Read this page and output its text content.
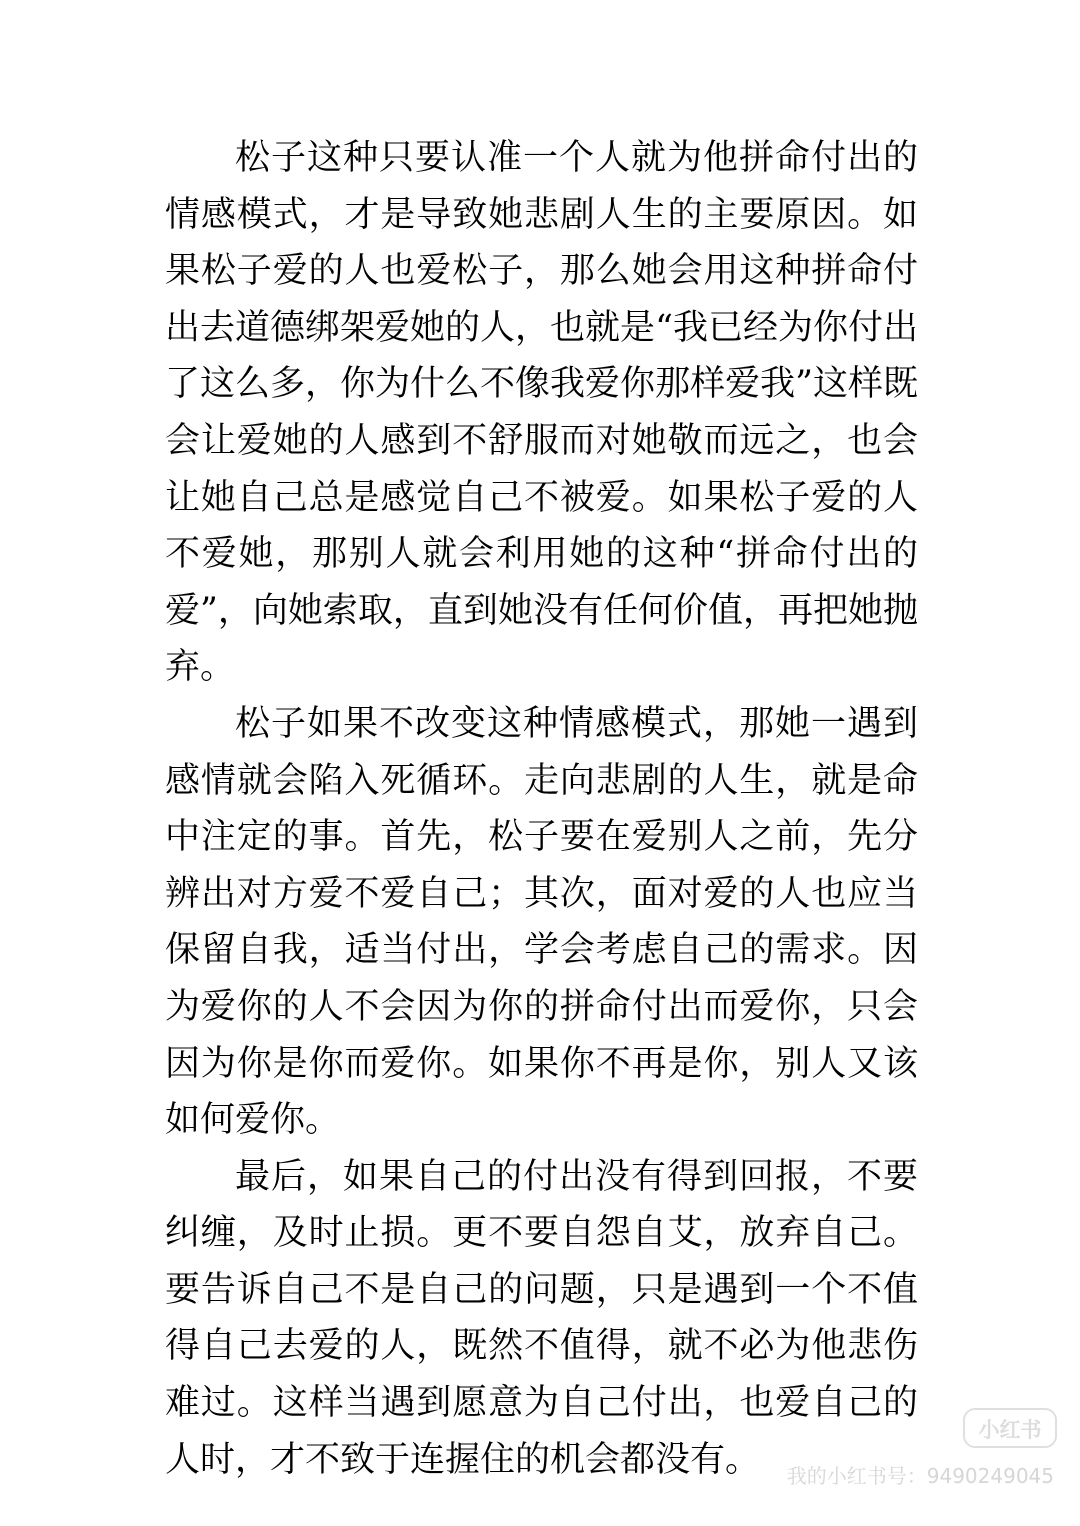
松子这种只要认准一个人就为他拼命付出的情感模式，才是导致她悲剧人生的主要原因。如果松子爱的人也爱松子，那么她会用这种拼命付出去道德绑架爱她的人，也就是“我已经为你付出了这么多，你为什么不像我爱你那样爱我”这样既会让爱她的人感到不舒服而对她敬而远之，也会让她自己总是感觉自己不被爱。如果松子爱的人不爱她，那别人就会利用她的这种“拼命付出的爱”，向她索取，直到她没有任何价值，再把她抛弃。

松子如果不改变这种情感模式，那她一遇到感情就会陷入死循环。走向悲剧的人生，就是命中注定的事。首先，松子要在爱别人之前，先分辨出对方爱不爱自己；其次，面对爱的人也应当保留自我，适当付出，学会考虑自己的需求。因为爱你的人不会因为你的拼命付出而爱你，只会因为你是你而爱你。如果你不再是你，别人又该如何爱你。

最后，如果自己的付出没有得到回报，不要纠缠，及时止损。更不要自怨自艾，放弃自己。要告诉自己不是自己的问题，只是遇到一个不值得自己去爱的人，既然不值得，就不必为他悲伤难过。这样当遇到愿意为自己付出，也爱自己的人时，才不致于连握住的机会都没有。

小红书
我的小红书号：9490249045
